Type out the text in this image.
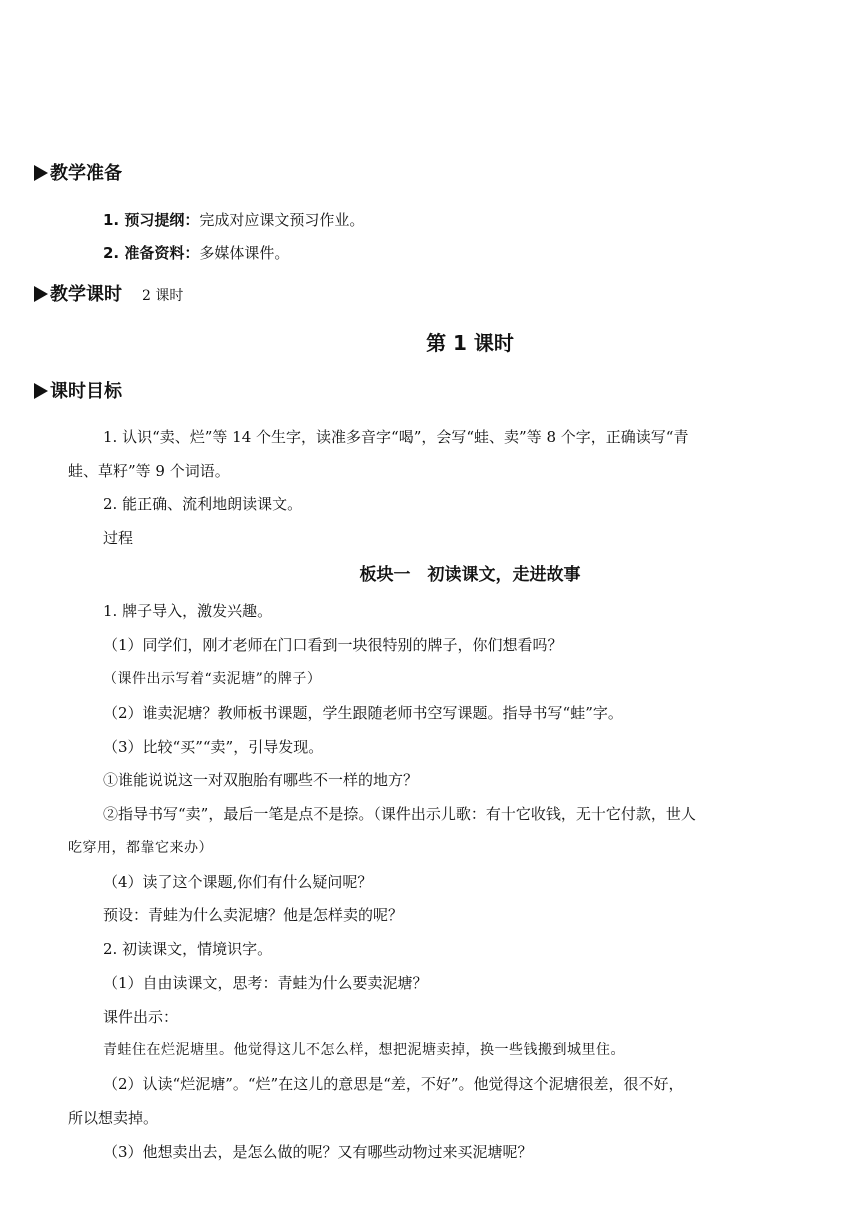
教学准备
1. 预习提纲：完成对应课文预习作业。
2. 准备资料：多媒体课件。
教学课时 2 课时
第 1 课时
课时目标
1. 认识“卖、烂”等 14 个生字，读准多音字“喝”，会写“蛙、卖”等 8 个字，正确读写“青
蛙、草籽”等 9 个词语。
2. 能正确、流利地朗读课文。
过程
板块一　初读课文，走进故事
1. 牌子导入，激发兴趣。
（1）同学们，刚才老师在门口看到一块很特别的牌子，你们想看吗？
（课件出示写着“卖泥塘”的牌子）
（2）谁卖泥塘？教师板书课题，学生跟随老师书空写课题。指导书写“蛙”字。
（3）比较“买”“卖”，引导发现。
①谁能说说这一对双胞胎有哪些不一样的地方？
②指导书写“卖”，最后一笔是点不是捺。（课件出示儿歌：有十它收钱，无十它付款，世人
吃穿用，都靠它来办）
（4）读了这个课题,你们有什么疑问呢？
预设：青蛙为什么卖泥塘？他是怎样卖的呢？
2. 初读课文，情境识字。
（1）自由读课文，思考：青蛙为什么要卖泥塘？
课件出示：
青蛙住在烂泥塘里。他觉得这儿不怎么样，想把泥塘卖掉，换一些钱搬到城里住。
（2）认读“烂泥塘”。“烂”在这儿的意思是“差，不好”。他觉得这个泥塘很差，很不好，
所以想卖掉。
（3）他想卖出去，是怎么做的呢？又有哪些动物过来买泥塘呢？
